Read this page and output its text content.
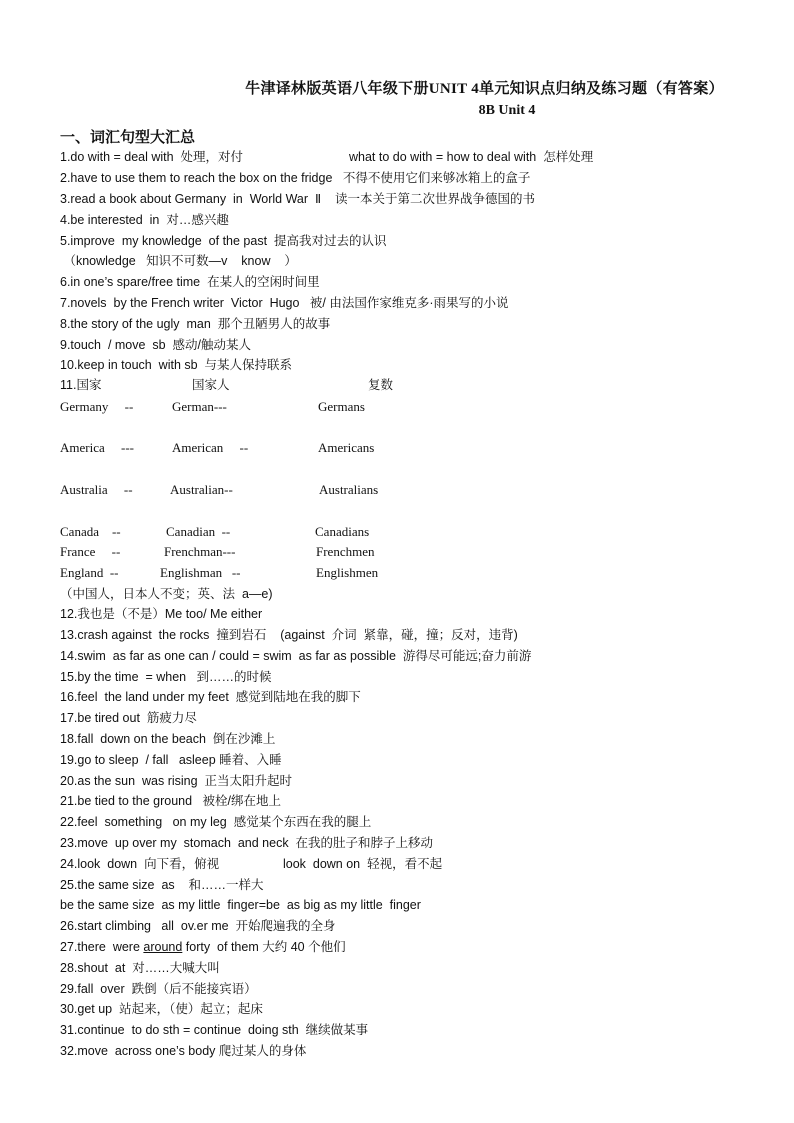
牛津译林版英语八年级下册UNIT 4单元知识点归纳及练习题（有答案）
8B Unit 4
一、词汇句型大汇总
1.do with = deal with  处理，对付	what to do with = how to deal with  怎样处理
2.have to use them to reach the box on the fridge   不得不使用它们来够冰箱上的盒子
3.read a book about Germany  in  World War  Ⅱ    读一本关于第二次世界战争德国的书
4.be interested  in  对…感兴趣
5.improve  my knowledge  of the past  提高我对过去的认识
（knowledge   知识不可数—v    know    ）
6.in one’s spare/free time  在某人的空闲时间里
7.novels  by the French writer  Victor  Hugo   被/ 由法国作家维克多·雨果写的小说
8.the story of the ugly  man  那个丑陋男人的故事
9.touch  / move  sb  感动/触动某人
10.keep in touch  with sb  与某人保持联系
11.国家	国家人	复数
Germany     --	German---	Germans
America     ---	American     --	Americans
Australia     --	Australian--	Australians
Canada    --	Canadian  --	Canadians
France     --	Frenchman---	Frenchmen
England  --	Englishman   --	Englishmen
（中国人，日本人不变；英、法  a—e)
12.我也是（不是）Me too/ Me either
13.crash against  the rocks  撞到岩石    (against  介词  紧靠，碰，撞；反对，违背)
14.swim  as far as one can / could = swim  as far as possible  游得尽可能远;奋力前游
15.by the time  = when   到……的时候
16.feel  the land under my feet  感觉到陆地在我的脚下
17.be tired out  筋疲力尽
18.fall  down on the beach  倒在沙滩上
19.go to sleep  / fall   asleep 睡着、入睡
20.as the sun  was rising  正当太阳升起时
21.be tied to the ground   被栓/绑在地上
22.feel  something   on my leg  感觉某个东西在我的腿上
23.move  up over my  stomach  and neck  在我的肚子和脖子上移动
24.look  down  向下看，俯视	look  down on  轻视，看不起
25.the same size  as    和……一样大
be the same size  as my little  finger=be  as big as my little  finger
26.start climbing   all  ov.er me  开始爬遍我的全身
27.there  were around forty  of them 大约 40 个他们
28.shout  at  对……大喊大叫
29.fall  over  跌倒（后不能接宾语）
30.get up  站起来，（使）起立；起床
31.continue  to do sth = continue  doing sth  继续做某事
32.move  across one’s body 爬过某人的身体
